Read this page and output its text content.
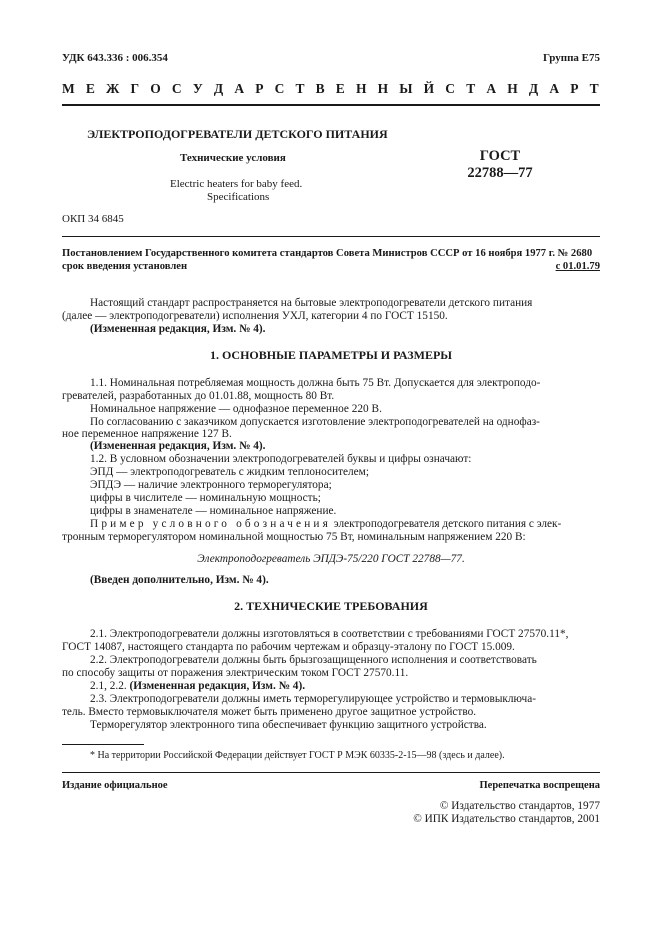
УДК 643.336 : 006.354	Группа Е75
М Е Ж Г О С У Д А Р С Т В Е Н Н Ы Й С Т А Н Д А Р Т
ЭЛЕКТРОПОДОГРЕВАТЕЛИ ДЕТСКОГО ПИТАНИЯ
Технические условия
Electric heaters for baby feed.
Specifications
ГОСТ
22788—77
ОКП 34 6845
Постановлением Государственного комитета стандартов Совета Министров СССР от 16 ноября 1977 г. № 2680
срок введения установлен	с 01.01.79
Настоящий стандарт распространяется на бытовые электроподогреватели детского питания
(далее — электроподогреватели) исполнения УХЛ, категории 4 по ГОСТ 15150.
(Измененная редакция, Изм. № 4).
1. ОСНОВНЫЕ ПАРАМЕТРЫ И РАЗМЕРЫ
1.1. Номинальная потребляемая мощность должна быть 75 Вт. Допускается для электроподо-
гревателей, разработанных до 01.01.88, мощность 80 Вт.
Номинальное напряжение — однофазное переменное 220 В.
По согласованию с заказчиком допускается изготовление электроподогревателей на однофаз-
ное переменное напряжение 127 В.
(Измененная редакция, Изм. № 4).
1.2. В условном обозначении электроподогревателей буквы и цифры означают:
ЭПД — электроподогреватель с жидким теплоносителем;
ЭПДЭ — наличие электронного терморегулятора;
цифры в числителе — номинальную мощность;
цифры в знаменателе — номинальное напряжение.
Пример условного обозначения электроподогревателя детского питания с элек-
тронным терморегулятором номинальной мощностью 75 Вт, номинальным напряжением 220 В:
Электроподогреватель ЭПДЭ-75/220 ГОСТ 22788—77.
(Введен дополнительно, Изм. № 4).
2. ТЕХНИЧЕСКИЕ ТРЕБОВАНИЯ
2.1. Электроподогреватели должны изготовляться в соответствии с требованиями ГОСТ 27570.11*,
ГОСТ 14087, настоящего стандарта по рабочим чертежам и образцу-эталону по ГОСТ 15.009.
2.2. Электроподогреватели должны быть брызгозащищенного исполнения и соответствовать
по способу защиты от поражения электрическим током ГОСТ 27570.11.
2.1, 2.2. (Измененная редакция, Изм. № 4).
2.3. Электроподогреватели должны иметь терморегулирующее устройство и термовыключа-
тель. Вместо термовыключателя может быть применено другое защитное устройство.
Терморегулятор электронного типа обеспечивает функцию защитного устройства.
* На территории Российской Федерации действует ГОСТ Р МЭК 60335-2-15—98 (здесь и далее).
Издание официальное	Перепечатка воспрещена
© Издательство стандартов, 1977
© ИПК Издательство стандартов, 2001
